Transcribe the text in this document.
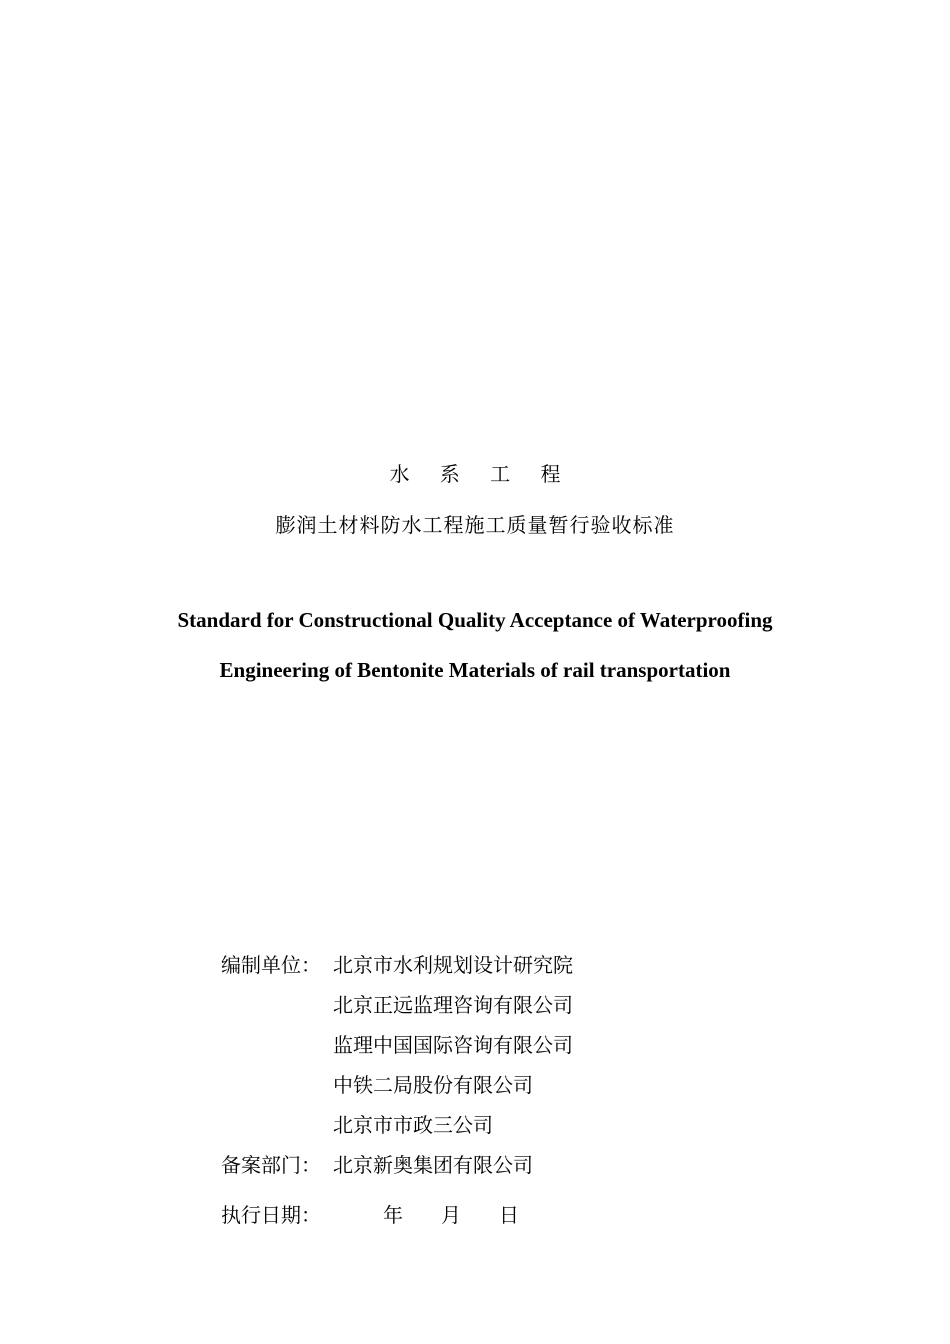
水 系 工 程
膨润土材料防水工程施工质量暂行验收标准
Standard for Constructional Quality Acceptance of Waterproofing
Engineering of Bentonite Materials of rail transportation
编制单位： 北京市水利规划设计研究院
北京正远监理咨询有限公司
监理中国国际咨询有限公司
中铁二局股份有限公司
北京市市政三公司
备案部门： 北京新奥集团有限公司
执行日期：	年 月 日
